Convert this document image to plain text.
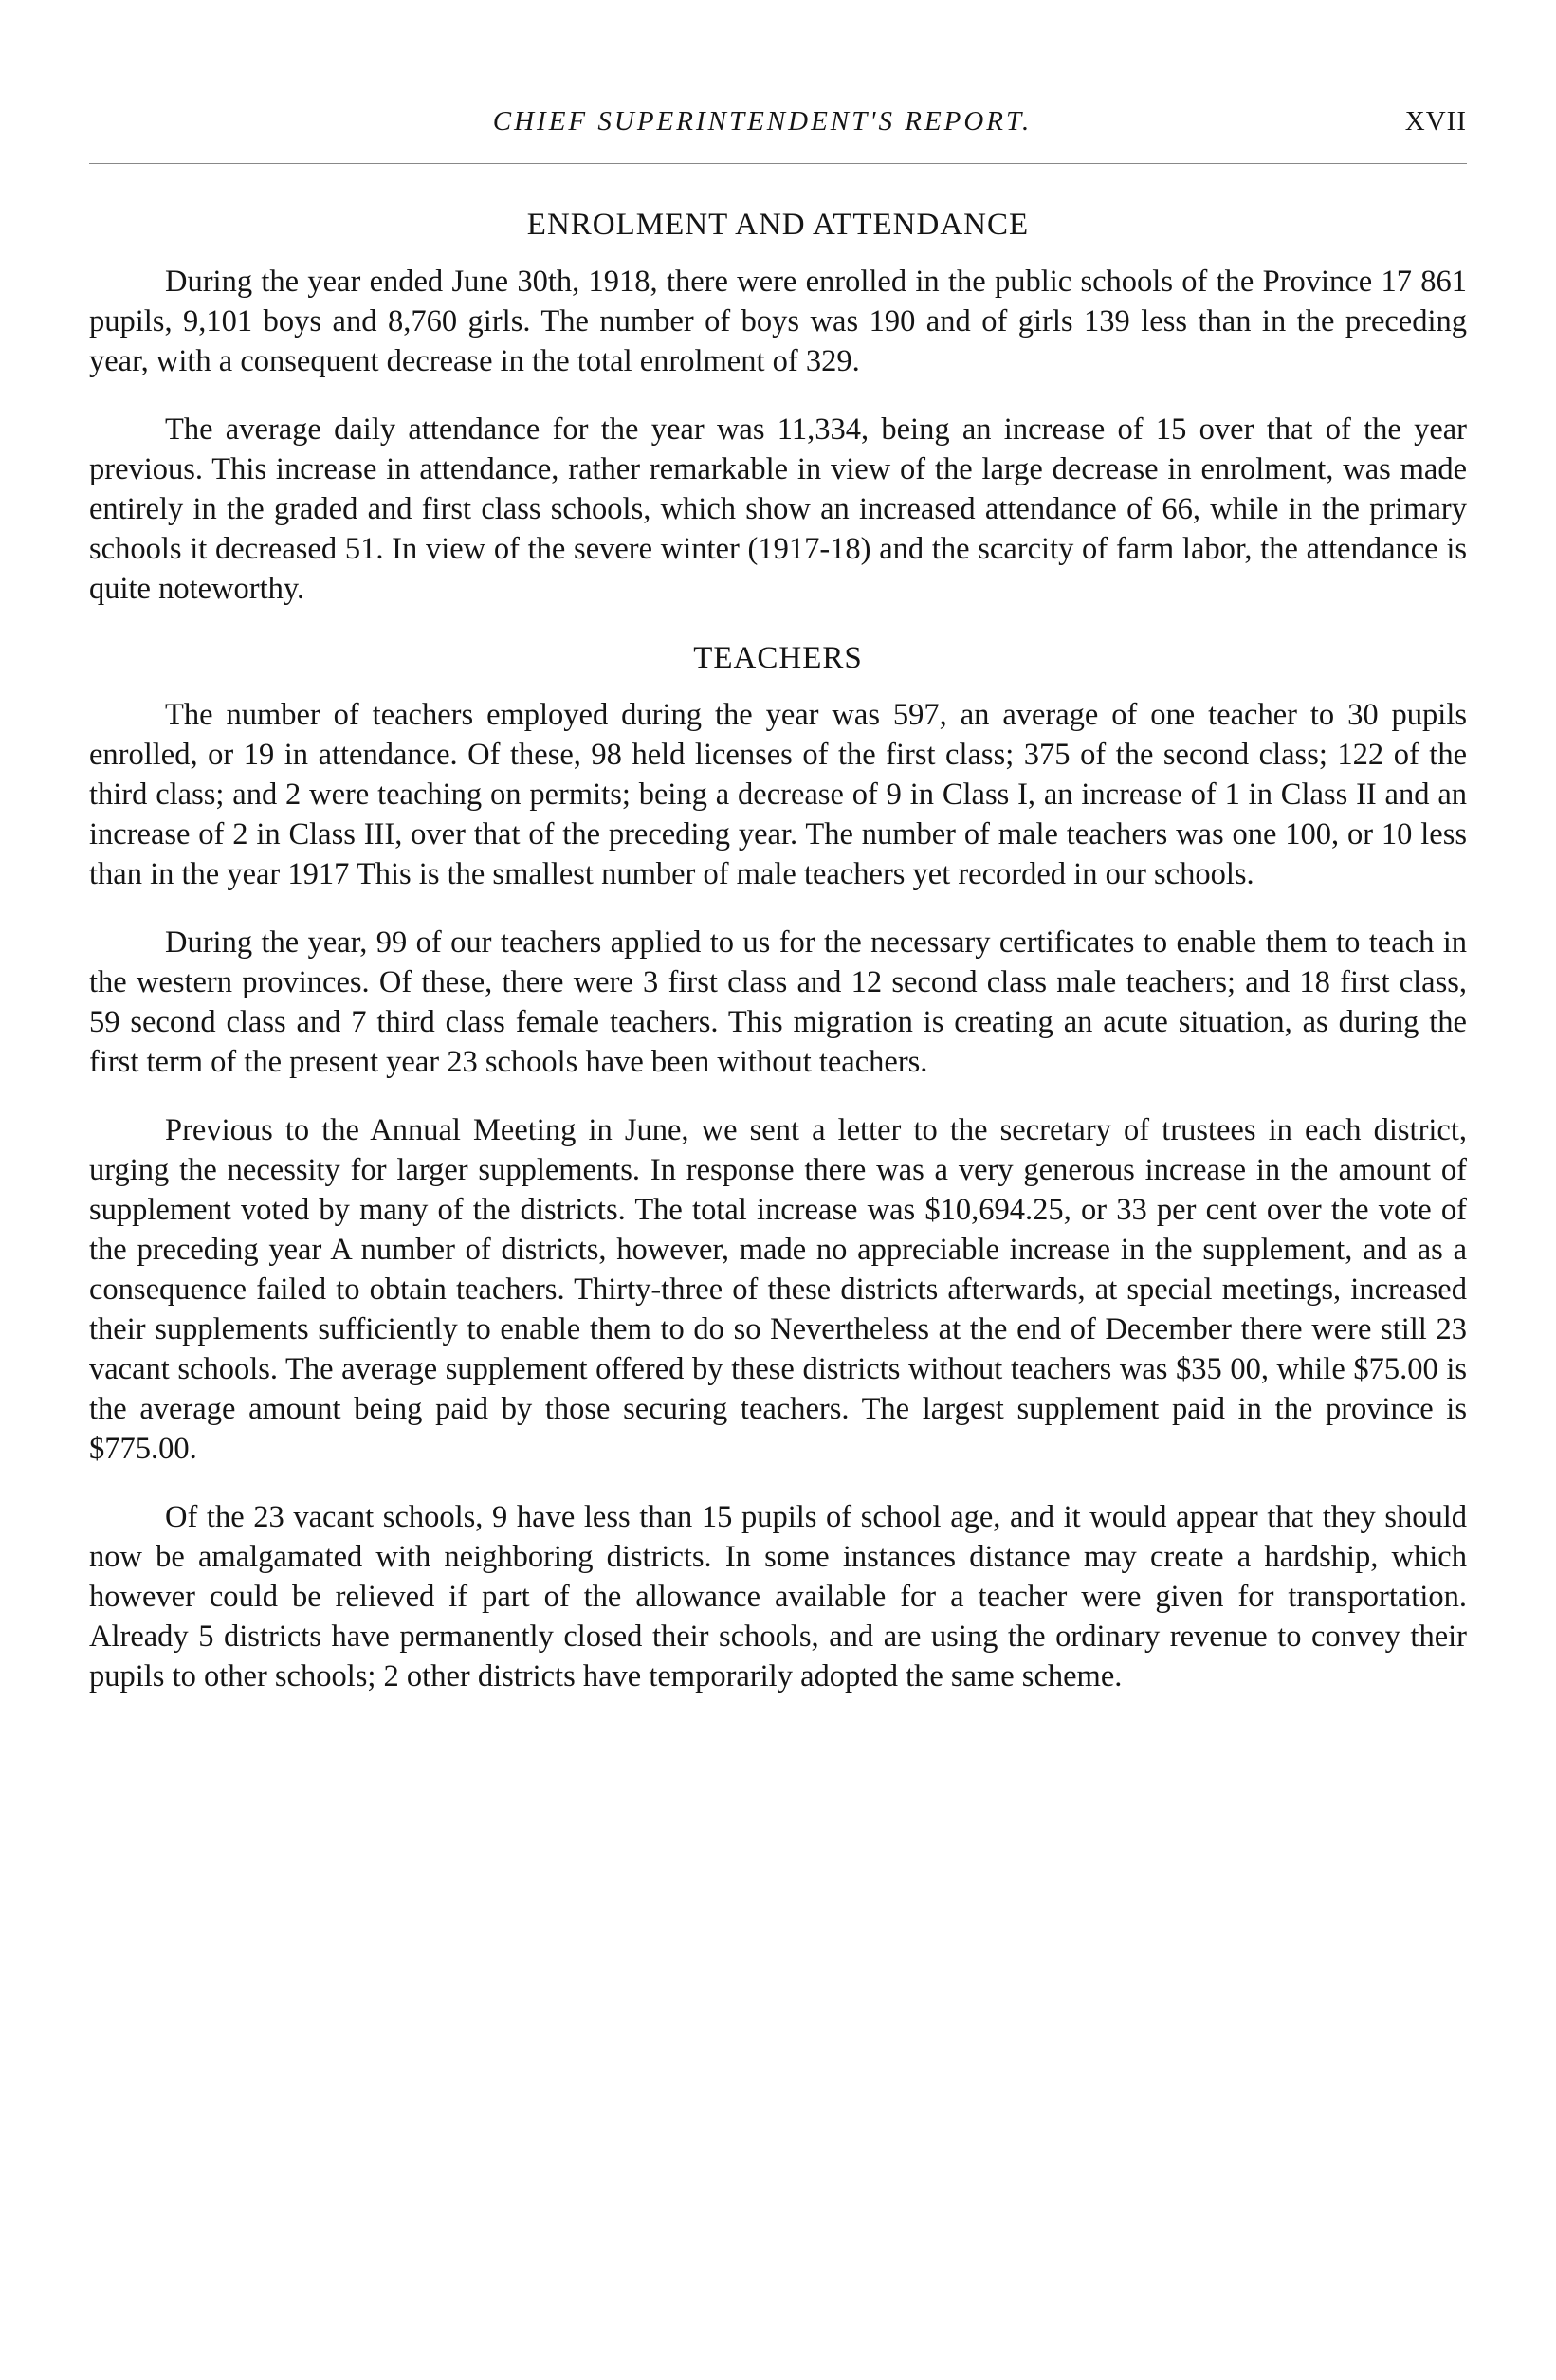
CHIEF SUPERINTENDENT'S REPORT.	XVII
ENROLMENT AND ATTENDANCE

During the year ended June 30th, 1918, there were enrolled in the public schools of the Province 17 861 pupils, 9,101 boys and 8,760 girls. The number of boys was 190 and of girls 139 less than in the preceding year, with a consequent decrease in the total enrolment of 329.

The average daily attendance for the year was 11,334, being an increase of 15 over that of the year previous. This increase in attendance, rather remarkable in view of the large decrease in enrolment, was made entirely in the graded and first class schools, which show an increased attendance of 66, while in the primary schools it decreased 51. In view of the severe winter (1917-18) and the scarcity of farm labor, the attendance is quite noteworthy.

TEACHERS

The number of teachers employed during the year was 597, an average of one teacher to 30 pupils enrolled, or 19 in attendance. Of these, 98 held licenses of the first class; 375 of the second class; 122 of the third class; and 2 were teaching on permits; being a decrease of 9 in Class I, an increase of 1 in Class II and an increase of 2 in Class III, over that of the preceding year. The number of male teachers was one 100, or 10 less than in the year 1917 This is the smallest number of male teachers yet recorded in our schools.

During the year, 99 of our teachers applied to us for the necessary certificates to enable them to teach in the western provinces. Of these, there were 3 first class and 12 second class male teachers; and 18 first class, 59 second class and 7 third class female teachers. This migration is creating an acute situation, as during the first term of the present year 23 schools have been without teachers.

Previous to the Annual Meeting in June, we sent a letter to the secretary of trustees in each district, urging the necessity for larger supplements. In response there was a very generous increase in the amount of supplement voted by many of the districts. The total increase was $10,694.25, or 33 per cent over the vote of the preceding year A number of districts, however, made no appreciable increase in the supplement, and as a consequence failed to obtain teachers. Thirty-three of these districts afterwards, at special meetings, increased their supplements sufficiently to enable them to do so Nevertheless at the end of December there were still 23 vacant schools. The average supplement offered by these districts without teachers was $35 00, while $75.00 is the average amount being paid by those securing teachers. The largest supplement paid in the province is $775.00.

Of the 23 vacant schools, 9 have less than 15 pupils of school age, and it would appear that they should now be amalgamated with neighboring districts. In some instances distance may create a hardship, which however could be relieved if part of the allowance available for a teacher were given for transportation. Already 5 districts have permanently closed their schools, and are using the ordinary revenue to convey their pupils to other schools; 2 other districts have temporarily adopted the same scheme.
